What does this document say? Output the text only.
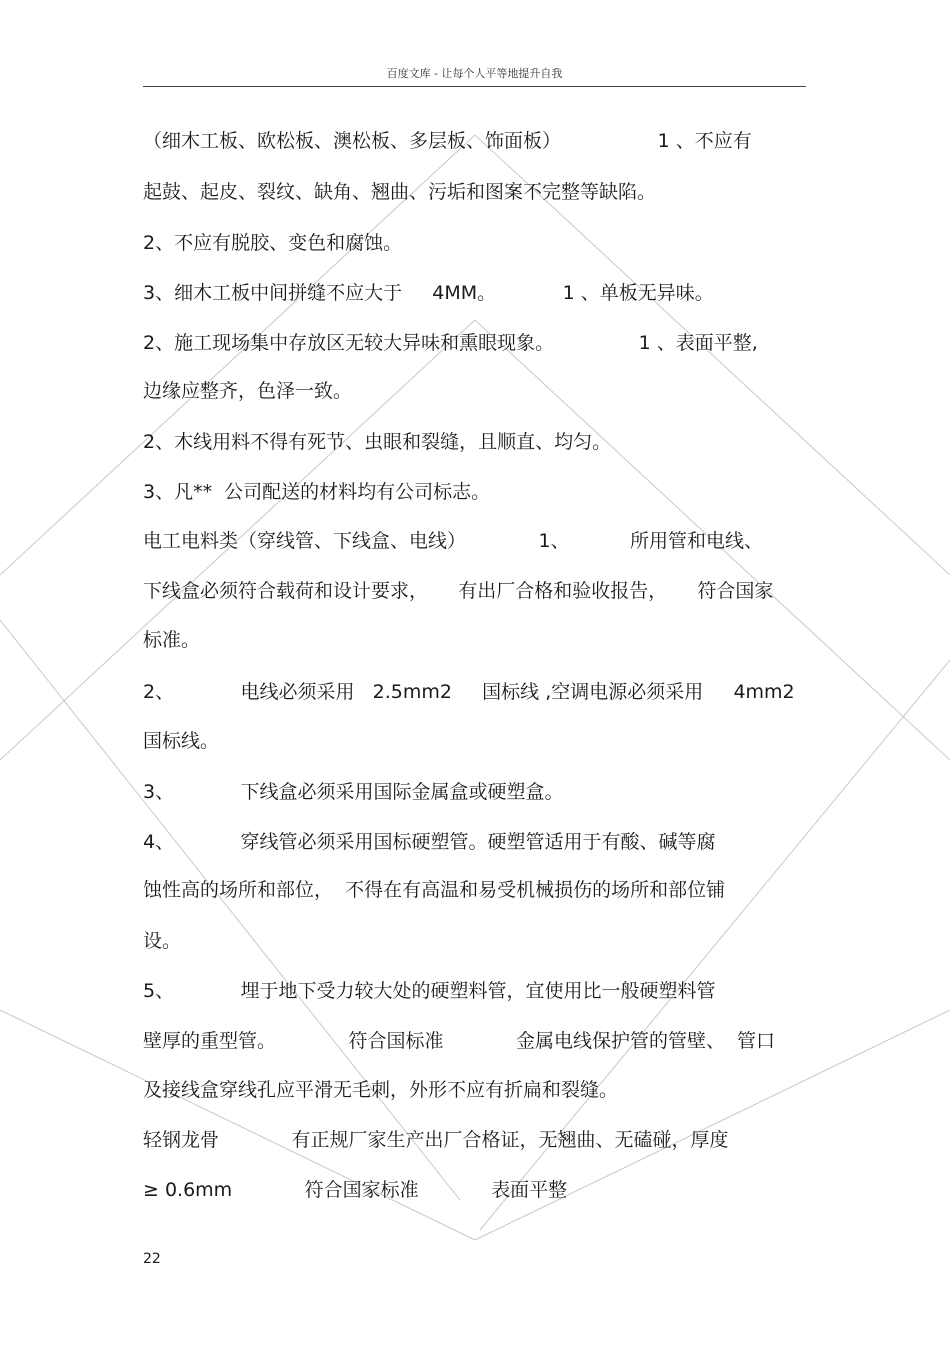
百度文库 - 让每个人平等地提升自我
（细木工板、欧松板、澳松板、多层板、饰面板）                1 、不应有
起鼓、起皮、裂纹、缺角、翘曲、污垢和图案不完整等缺陷。
2、不应有脱胶、变色和腐蚀。
3、细木工板中间拼缝不应大于     4MM。           1 、单板无异味。
2、施工现场集中存放区无较大异味和熏眼现象。              1 、表面平整,
边缘应整齐，色泽一致。
2、木线用料不得有死节、虫眼和裂缝，且顺直、均匀。
3、凡**  公司配送的材料均有公司标志。
电工电料类（穿线管、下线盒、电线）            1、          所用管和电线、
下线盒必须符合载荷和设计要求，     有出厂合格和验收报告，     符合国家
标准。
2、           电线必须采用   2.5mm2     国标线 ,空调电源必须采用     4mm2
国标线。
3、           下线盒必须采用国际金属盒或硬塑盒。
4、           穿线管必须采用国标硬塑管。硬塑管适用于有酸、碱等腐
蚀性高的场所和部位，  不得在有高温和易受机械损伤的场所和部位铺
设。
5、           埋于地下受力较大处的硬塑料管，宜使用比一般硬塑料管
壁厚的重型管。            符合国标准            金属电线保护管的管壁、  管口
及接线盒穿线孔应平滑无毛刺，外形不应有折扁和裂缝。
轻钢龙骨            有正规厂家生产出厂合格证，无翘曲、无磕碰，厚度
≥ 0.6mm            符合国家标准            表面平整
22
